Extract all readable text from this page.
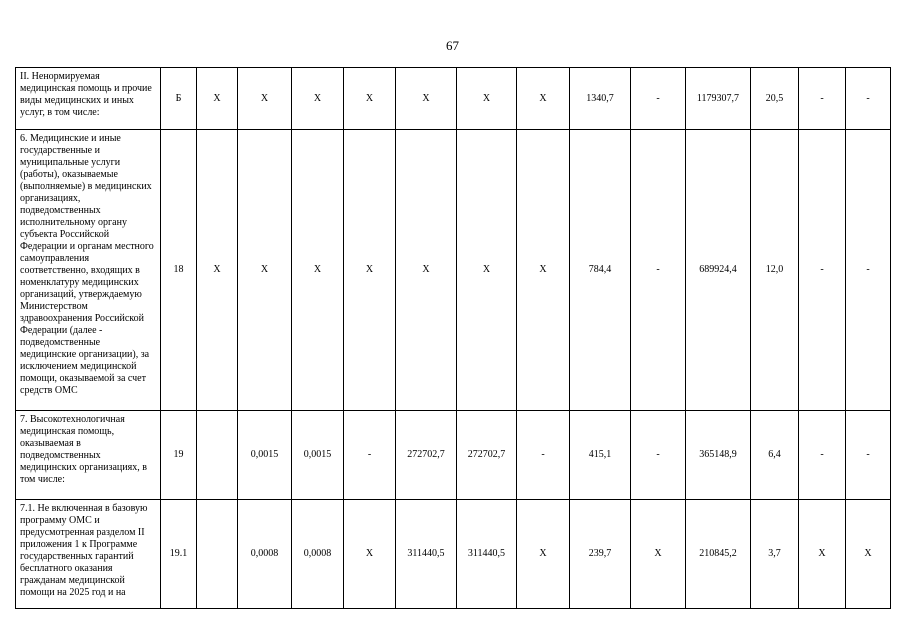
67
II. Ненормируемая медицинская помощь и прочие виды медицинских и иных услуг, в том числе:	Б	Х	Х	Х	Х	Х	Х	Х	1340,7	-	1179307,7	20,5	-	-
6. Медицинские и иные государственные и муниципальные услуги (работы), оказываемые (выполняемые) в медицинских организациях, подведомственных исполнительному органу субъекта Российской Федерации и органам местного самоуправления соответственно, входящих в номенклатуру медицинских организаций, утверждаемую Министерством здравоохранения Российской Федерации (далее - подведомственные медицинские организации), за исключением медицинской помощи, оказываемой за счет средств ОМС	18	Х	Х	Х	Х	Х	Х	Х	784,4	-	689924,4	12,0	-	-
7. Высокотехнологичная медицинская помощь, оказываемая в подведомственных медицинских организациях, в том числе:	19		0,0015	0,0015	-	272702,7	272702,7	-	415,1	-	365148,9	6,4	-	-
7.1. Не включенная в базовую программу ОМС и предусмотренная разделом II приложения 1 к Программе государственных гарантий бесплатного оказания гражданам медицинской помощи на 2025 год и на	19.1		0,0008	0,0008	Х	311440,5	311440,5	Х	239,7	Х	210845,2	3,7	Х	Х
